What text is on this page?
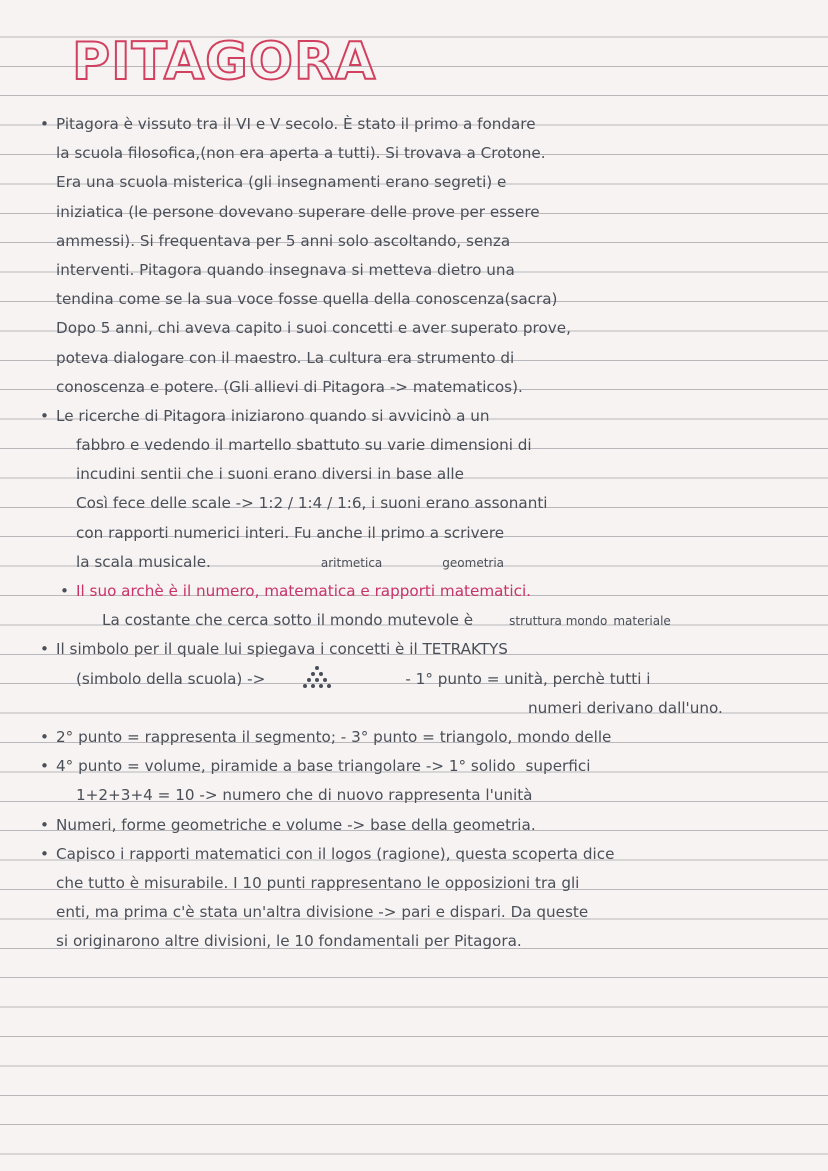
PITAGORA
• Pitagora è vissuto tra il VI e V secolo. È stato il primo a fondare
la scuola filosofica,(non era aperta a tutti). Si trovava a Crotone.
Era una scuola misterica (gli insegnamenti erano segreti) e
iniziatica (le persone dovevano superare delle prove per essere
ammessi). Si frequentava per 5 anni solo ascoltando, senza
interventi. Pitagora quando insegnava si metteva dietro una
tendina come se la sua voce fosse quella della conoscenza(sacra)
Dopo 5 anni, chi aveva capito i suoi concetti e aver superato prove,
poteva dialogare con il maestro. La cultura era strumento di
conoscenza e potere. (Gli allievi di Pitagora -> matematicos).
• Le ricerche di Pitagora iniziarono quando si avvicinò a un
fabbro e vedendo il martello sbattuto su varie dimensioni di
incudini sentii che i suoni erano diversi in base alle
Così fece delle scale -> 1:2 / 1:4 / 1:6, i suoni erano assonanti
con rapporti numerici interi. Fu anche il primo a scrivere
la scala musicale.	aritmetica	geometria
• Il suo archè è il numero, matematica e rapporti matematici.
La costante che cerca sotto il mondo mutevole è	struttura mondo materiale
• Il simbolo per il quale lui spiegava i concetti è il TETRAKTYS
(simbolo della scuola) ->	- 1° punto = unità, perchè tutti i
numeri derivano dall'uno.
• 2° punto = rappresenta il segmento; - 3° punto = triangolo, mondo delle
• 4° punto = volume, piramide a base triangolare -> 1° solido superfici
1+2+3+4 = 10 -> numero che di nuovo rappresenta l'unità
• Numeri, forme geometriche e volume -> base della geometria.
• Capisco i rapporti matematici con il logos (ragione), questa scoperta dice
che tutto è misurabile. I 10 punti rappresentano le opposizioni tra gli
enti, ma prima c'è stata un'altra divisione -> pari e dispari. Da queste
si originarono altre divisioni, le 10 fondamentali per Pitagora.
